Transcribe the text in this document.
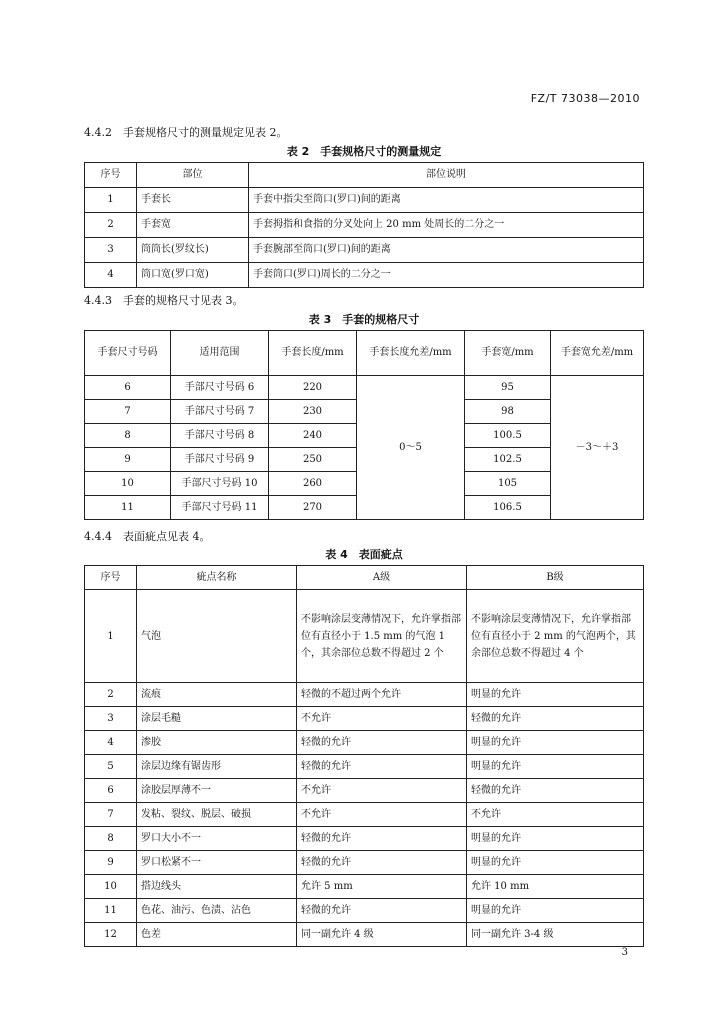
FZ/T 73038—2010
4.4.2　手套规格尺寸的测量规定见表 2。
表 2　手套规格尺寸的测量规定
序号	部位	部位说明
1	手套长	手套中指尖至筒口(罗口)间的距离
2	手套宽	手套拇指和食指的分叉处向上 20 mm 处周长的二分之一
3	筒筒长(罗纹长)	手套腕部至筒口(罗口)间的距离
4	筒口宽(罗口宽)	手套筒口(罗口)周长的二分之一
4.4.3　手套的规格尺寸见表 3。
表 3　手套的规格尺寸
手套尺寸号码	适用范围	手套长度/mm	手套长度允差/mm	手套宽/mm	手套宽允差/mm
6	手部尺寸号码 6	220	0～5	95	－3～＋3
7	手部尺寸号码 7	230		98	
8	手部尺寸号码 8	240		100.5	
9	手部尺寸号码 9	250		102.5	
10	手部尺寸号码 10	260		105	
11	手部尺寸号码 11	270		106.5	
4.4.4　表面疵点见表 4。
表 4　表面疵点
序号	疵点名称	A级	B级
1	气泡	不影响涂层变薄情况下，允许掌指部位有直径小于 1.5 mm 的气泡 1 个，其余部位总数不得超过 2 个	不影响涂层变薄情况下，允许掌指部位有直径小于 2 mm 的气泡两个，其余部位总数不得超过 4 个
2	流痕	轻微的不超过两个允许	明显的允许
3	涂层毛糙	不允许	轻微的允许
4	渗胶	轻微的允许	明显的允许
5	涂层边缘有锯齿形	轻微的允许	明显的允许
6	涂胶层厚薄不一	不允许	轻微的允许
7	发粘、裂纹、脱层、破损	不允许	不允许
8	罗口大小不一	轻微的允许	明显的允许
9	罗口松紧不一	轻微的允许	明显的允许
10	搭边线头	允许 5 mm	允许 10 mm
11	色花、油污、色渍、沾色	轻微的允许	明显的允许
12	色差	同一副允许 4 级	同一副允许 3-4 级
3
